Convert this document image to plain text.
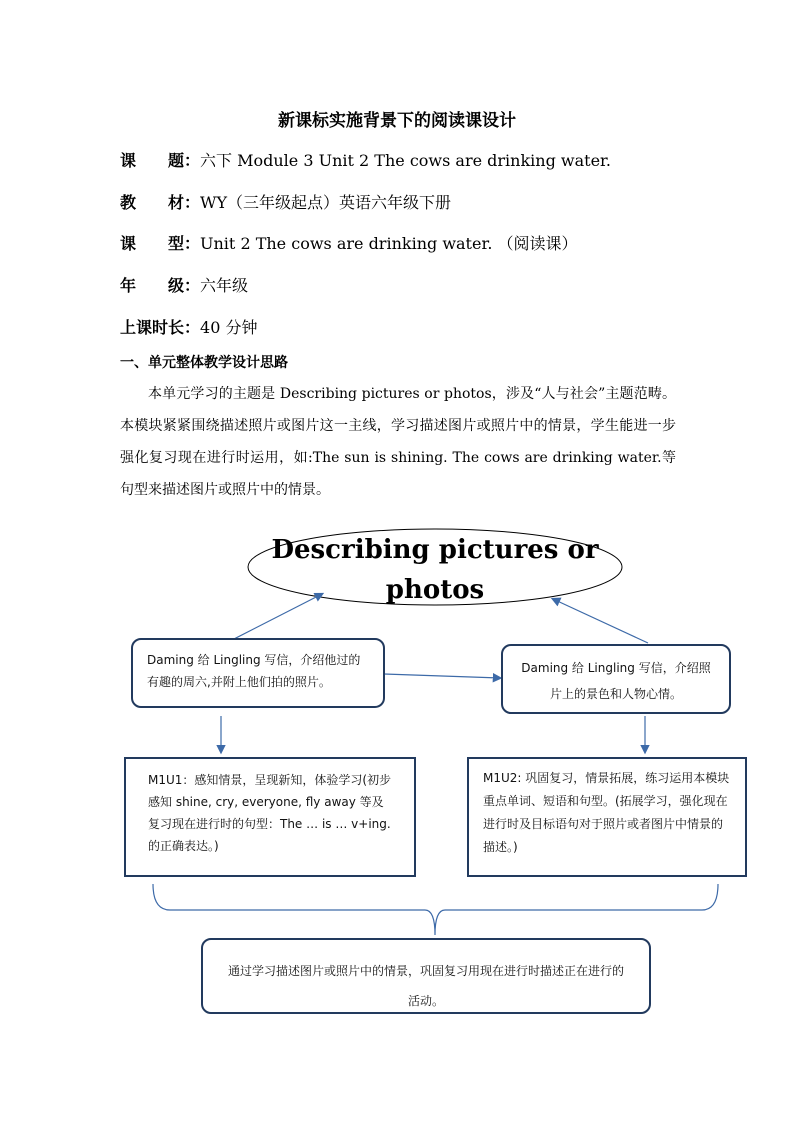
新课标实施背景下的阅读课设计
课　　题：六下 Module 3 Unit 2 The cows are drinking water.
教　　材：WY（三年级起点）英语六年级下册
课　　型：Unit 2 The cows are drinking water. （阅读课）
年　　级：六年级
上课时长：40 分钟
一、单元整体教学设计思路

本单元学习的主题是 Describing pictures or photos，涉及“人与社会”主题范畴。本模块紧紧围绕描述照片或图片这一主线，学习描述图片或照片中的情景，学生能进一步强化复习现在进行时运用，如:The sun is shining. The cows are drinking water.等句型来描述图片或照片中的情景。

Describing pictures or photos
Daming 给 Lingling 写信，介绍他过的有趣的周六,并附上他们拍的照片。
Daming 给 Lingling 写信，介绍照片上的景色和人物心情。
M1U1：感知情景，呈现新知，体验学习(初步感知 shine, cry, everyone, fly away 等及复习现在进行时的句型：The … is … v+ing. 的正确表达。)
M1U2: 巩固复习，情景拓展，练习运用本模块重点单词、短语和句型。(拓展学习，强化现在进行时及目标语句对于照片或者图片中情景的描述。)
通过学习描述图片或照片中的情景，巩固复习用现在进行时描述正在进行的活动。
